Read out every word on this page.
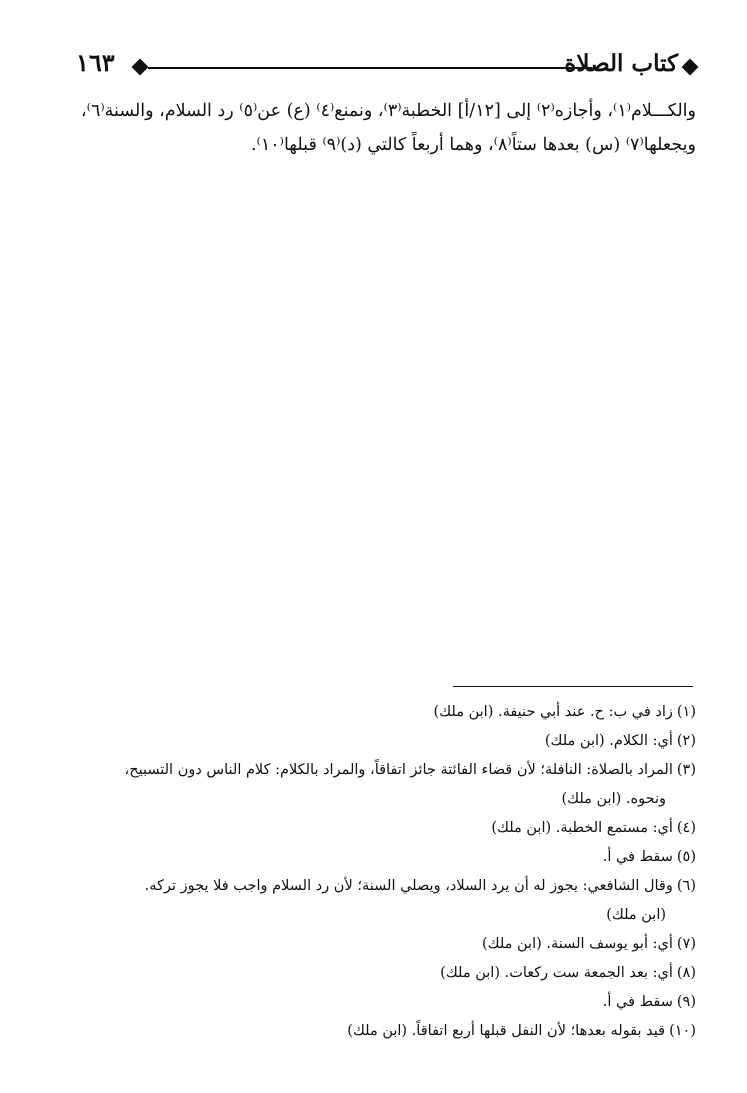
كتاب الصلاة
١٦٣

والكـــلام⁽١⁾، وأجازه⁽٢⁾ إلى [١٢/أ] الخطبة⁽٣⁾، ونمنع⁽٤⁾ (ع) عن⁽٥⁾ رد السلام، والسنة⁽٦⁾،

ويجعلها⁽٧⁾ (س) بعدها ستاً⁽٨⁾، وهما أربعاً كالتي (د)⁽٩⁾ قبلها⁽١٠⁾.

(١)زاد في ب: ح. عند أبي حنيفة. (ابن ملك)

(٢)أي: الكلام. (ابن ملك)

(٣)المراد بالصلاة: النافلة؛ لأن قضاء الفائتة جائز اتفاقاً، والمراد بالكلام: كلام الناس دون التسبيح،
ونحوه. (ابن ملك)

(٤)أي: مستمع الخطبة. (ابن ملك)

(٥)سقط في أ.

(٦)وقال الشافعي: يجوز له أن يرد السلاد، ويصلي السنة؛ لأن رد السلام واجب فلا يجوز تركه.
(ابن ملك)

(٧)أي: أبو يوسف السنة. (ابن ملك)

(٨)أي: بعد الجمعة ست ركعات. (ابن ملك)

(٩)سقط في أ.

(١٠)قيد بقوله بعدها؛ لأن النفل قبلها أربع اتفاقاً. (ابن ملك)
